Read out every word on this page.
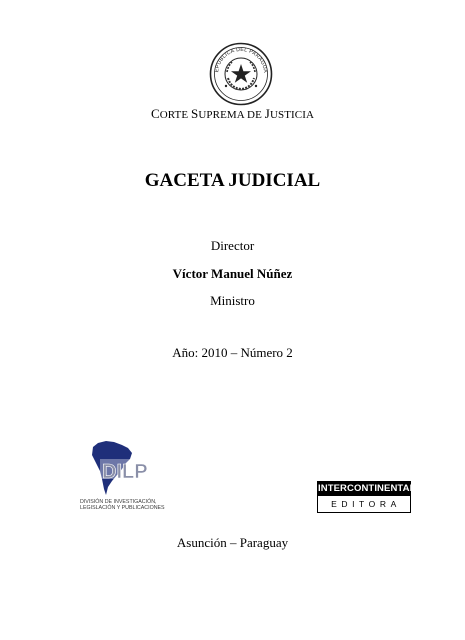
EPUBLICA DEL PARAGUA
CORTE SUPREMA DE JUSTICIA
GACETA JUDICIAL
Director
Víctor Manuel Núñez
Ministro
Año: 2010 – Número 2
DILP
DIVISIÓN DE INVESTIGACIÓN,
LEGISLACIÓN Y PUBLICACIONES
INTERCONTINENTAL
EDITORA
Asunción – Paraguay
